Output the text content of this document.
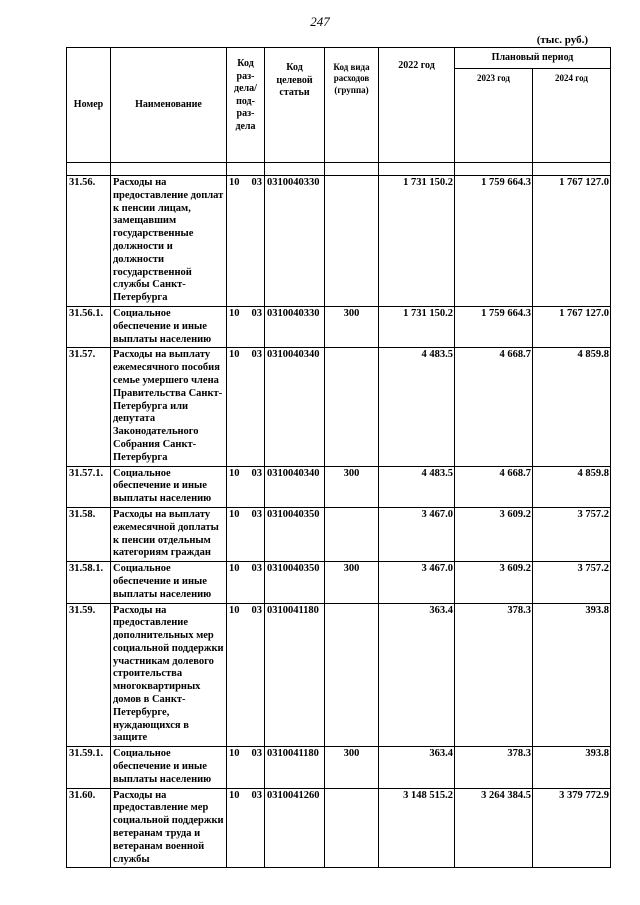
247
(тыс. руб.)
Номер	Наименование	Код раз-дела/ под-раз-дела	Код целевой статьи	Код вида расходов (группа)	2022 год	Плановый период	
						2023 год	2024 год

31.56.	Расходы на предоставление доплат к пенсии лицам, замещавшим государственные должности и должности государственной службы Санкт-Петербурга	10 03	0310040330		1 731 150.2	1 759 664.3	1 767 127.0
31.56.1.	Социальное обеспечение и иные выплаты населению	10 03	0310040330	300	1 731 150.2	1 759 664.3	1 767 127.0
31.57.	Расходы на выплату ежемесячного пособия семье умершего члена Правительства Санкт-Петербурга или депутата Законодательного Собрания Санкт-Петербурга	10 03	0310040340		4 483.5	4 668.7	4 859.8
31.57.1.	Социальное обеспечение и иные выплаты населению	10 03	0310040340	300	4 483.5	4 668.7	4 859.8
31.58.	Расходы на выплату ежемесячной доплаты к пенсии отдельным категориям граждан	10 03	0310040350		3 467.0	3 609.2	3 757.2
31.58.1.	Социальное обеспечение и иные выплаты населению	10 03	0310040350	300	3 467.0	3 609.2	3 757.2
31.59.	Расходы на предоставление дополнительных мер социальной поддержки участникам долевого строительства многоквартирных домов в Санкт-Петербурге, нуждающихся в защите	10 03	0310041180		363.4	378.3	393.8
31.59.1.	Социальное обеспечение и иные выплаты населению	10 03	0310041180	300	363.4	378.3	393.8
31.60.	Расходы на предоставление мер социальной поддержки ветеранам труда и ветеранам военной службы	10 03	0310041260		3 148 515.2	3 264 384.5	3 379 772.9
